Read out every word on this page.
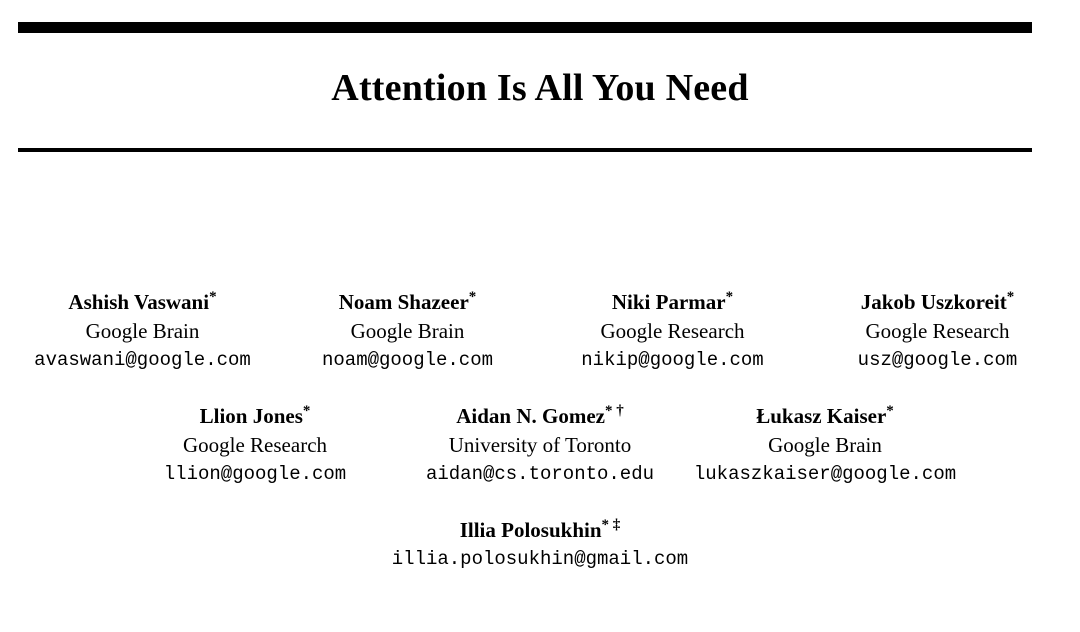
Attention Is All You Need
Ashish Vaswani*
Google Brain
avaswani@google.com
Noam Shazeer*
Google Brain
noam@google.com
Niki Parmar*
Google Research
nikip@google.com
Jakob Uszkoreit*
Google Research
usz@google.com
Llion Jones*
Google Research
llion@google.com
Aidan N. Gomez* †
University of Toronto
aidan@cs.toronto.edu
Łukasz Kaiser*
Google Brain
lukaszkaiser@google.com
Illia Polosukhin* ‡
illia.polosukhin@gmail.com
